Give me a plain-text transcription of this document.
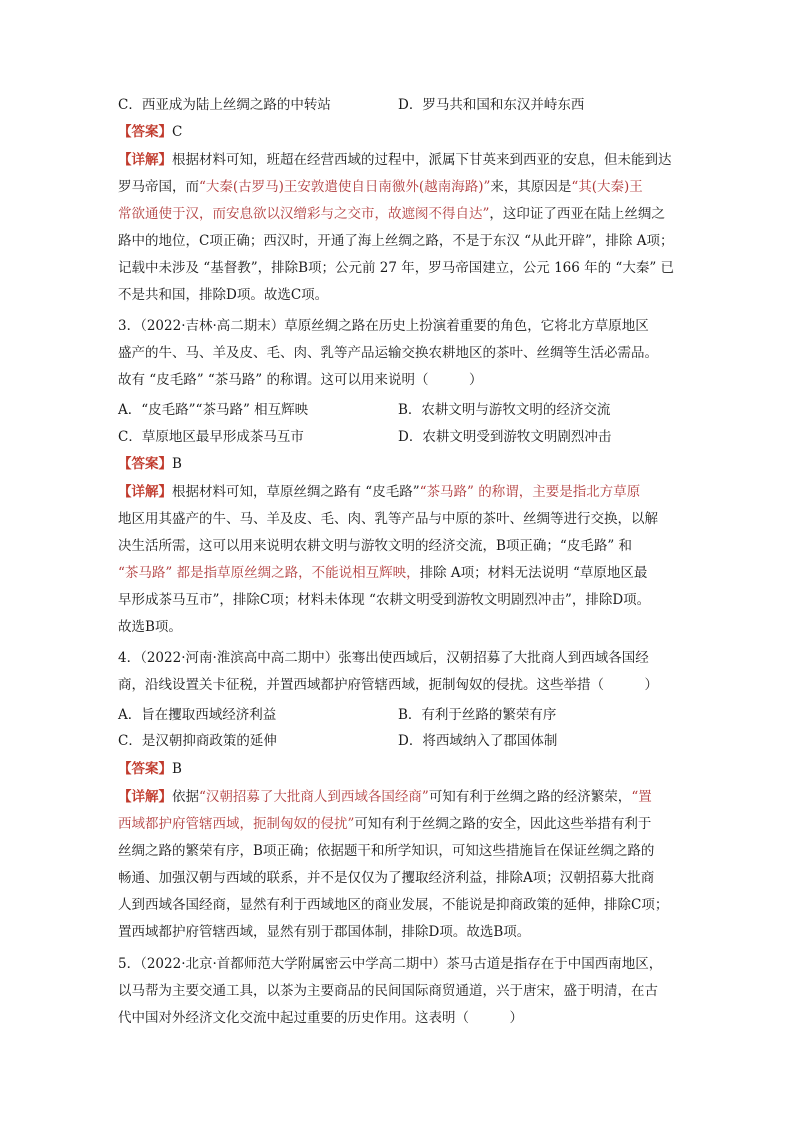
C．西亚成为陆上丝绸之路的中转站	D．罗马共和国和东汉并峙东西
【答案】C
【详解】根据材料可知，班超在经营西域的过程中，派属下甘英来到西亚的安息，但未能到达
罗马帝国，而“大秦(古罗马)王安敦遣使自日南徼外(越南海路)”来，其原因是“其(大秦)王
常欲通使于汉，而安息欲以汉缯彩与之交市，故遮阂不得自达”，这印证了西亚在陆上丝绸之
路中的地位，C项正确；西汉时，开通了海上丝绸之路，不是于东汉 “从此开辟”，排除 A项；
记载中未涉及 “基督教”，排除B项；公元前 27 年，罗马帝国建立，公元 166 年的 “大秦” 已
不是共和国，排除D项。故选C项。
3．（2022·吉林·高二期末）草原丝绸之路在历史上扮演着重要的角色，它将北方草原地区
盛产的牛、马、羊及皮、毛、肉、乳等产品运输交换农耕地区的茶叶、丝绸等生活必需品。
故有 “皮毛路” “茶马路” 的称谓。这可以用来说明（　　　）
A．“皮毛路”“茶马路” 相互辉映	B．农耕文明与游牧文明的经济交流
C．草原地区最早形成茶马互市	D．农耕文明受到游牧文明剧烈冲击
【答案】B
【详解】根据材料可知，草原丝绸之路有 “皮毛路”“茶马路” 的称谓，主要是指北方草原
地区用其盛产的牛、马、羊及皮、毛、肉、乳等产品与中原的茶叶、丝绸等进行交换，以解
决生活所需，这可以用来说明农耕文明与游牧文明的经济交流，B项正确；“皮毛路” 和
“茶马路” 都是指草原丝绸之路，不能说相互辉映，排除 A项；材料无法说明 “草原地区最
早形成茶马互市”，排除C项；材料未体现 “农耕文明受到游牧文明剧烈冲击”，排除D项。
故选B项。
4．（2022·河南·淮滨高中高二期中）张骞出使西域后，汉朝招募了大批商人到西域各国经
商，沿线设置关卡征税，并置西域都护府管辖西域，扼制匈奴的侵扰。这些举措（　　　）
A．旨在攫取西域经济利益	B．有利于丝路的繁荣有序
C．是汉朝抑商政策的延伸	D．将西域纳入了郡国体制
【答案】B
【详解】依据“汉朝招募了大批商人到西域各国经商”可知有利于丝绸之路的经济繁荣，“置
西域都护府管辖西域，扼制匈奴的侵扰”可知有利于丝绸之路的安全，因此这些举措有利于
丝绸之路的繁荣有序，B项正确；依据题干和所学知识，可知这些措施旨在保证丝绸之路的
畅通、加强汉朝与西域的联系，并不是仅仅为了攫取经济利益，排除A项；汉朝招募大批商
人到西域各国经商，显然有利于西域地区的商业发展，不能说是抑商政策的延伸，排除C项；
置西域都护府管辖西域，显然有别于郡国体制，排除D项。故选B项。
5．（2022·北京·首都师范大学附属密云中学高二期中）茶马古道是指存在于中国西南地区，
以马帮为主要交通工具，以茶为主要商品的民间国际商贸通道，兴于唐宋，盛于明清，在古
代中国对外经济文化交流中起过重要的历史作用。这表明（　　　）
